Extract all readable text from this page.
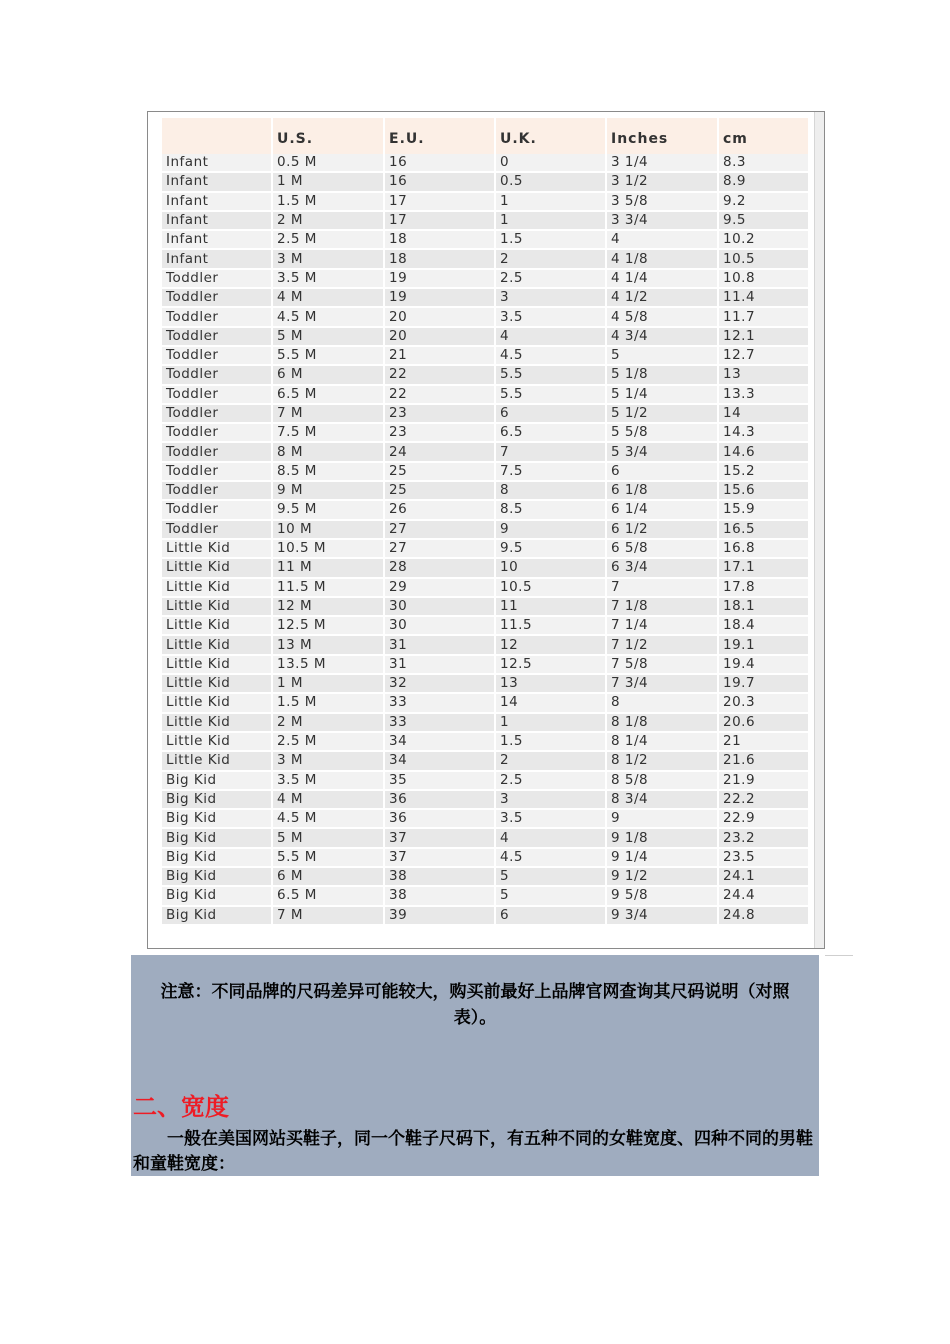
	U.S.	E.U.	U.K.	Inches	cm
Infant	0.5 M	16	0	3 1/4	8.3
Infant	1 M	16	0.5	3 1/2	8.9
Infant	1.5 M	17	1	3 5/8	9.2
Infant	2 M	17	1	3 3/4	9.5
Infant	2.5 M	18	1.5	4	10.2
Infant	3 M	18	2	4 1/8	10.5
Toddler	3.5 M	19	2.5	4 1/4	10.8
Toddler	4 M	19	3	4 1/2	11.4
Toddler	4.5 M	20	3.5	4 5/8	11.7
Toddler	5 M	20	4	4 3/4	12.1
Toddler	5.5 M	21	4.5	5	12.7
Toddler	6 M	22	5.5	5 1/8	13
Toddler	6.5 M	22	5.5	5 1/4	13.3
Toddler	7 M	23	6	5 1/2	14
Toddler	7.5 M	23	6.5	5 5/8	14.3
Toddler	8 M	24	7	5 3/4	14.6
Toddler	8.5 M	25	7.5	6	15.2
Toddler	9 M	25	8	6 1/8	15.6
Toddler	9.5 M	26	8.5	6 1/4	15.9
Toddler	10 M	27	9	6 1/2	16.5
Little Kid	10.5 M	27	9.5	6 5/8	16.8
Little Kid	11 M	28	10	6 3/4	17.1
Little Kid	11.5 M	29	10.5	7	17.8
Little Kid	12 M	30	11	7 1/8	18.1
Little Kid	12.5 M	30	11.5	7 1/4	18.4
Little Kid	13 M	31	12	7 1/2	19.1
Little Kid	13.5 M	31	12.5	7 5/8	19.4
Little Kid	1 M	32	13	7 3/4	19.7
Little Kid	1.5 M	33	14	8	20.3
Little Kid	2 M	33	1	8 1/8	20.6
Little Kid	2.5 M	34	1.5	8 1/4	21
Little Kid	3 M	34	2	8 1/2	21.6
Big Kid	3.5 M	35	2.5	8 5/8	21.9
Big Kid	4 M	36	3	8 3/4	22.2
Big Kid	4.5 M	36	3.5	9	22.9
Big Kid	5 M	37	4	9 1/8	23.2
Big Kid	5.5 M	37	4.5	9 1/4	23.5
Big Kid	6 M	38	5	9 1/2	24.1
Big Kid	6.5 M	38	5	9 5/8	24.4
Big Kid	7 M	39	6	9 3/4	24.8
注意：不同品牌的尺码差异可能较大，购买前最好上品牌官网查询其尺码说明（对照表）。
二、宽度
一般在美国网站买鞋子，同一个鞋子尺码下，有五种不同的女鞋宽度、四种不同的男鞋和童鞋宽度：
